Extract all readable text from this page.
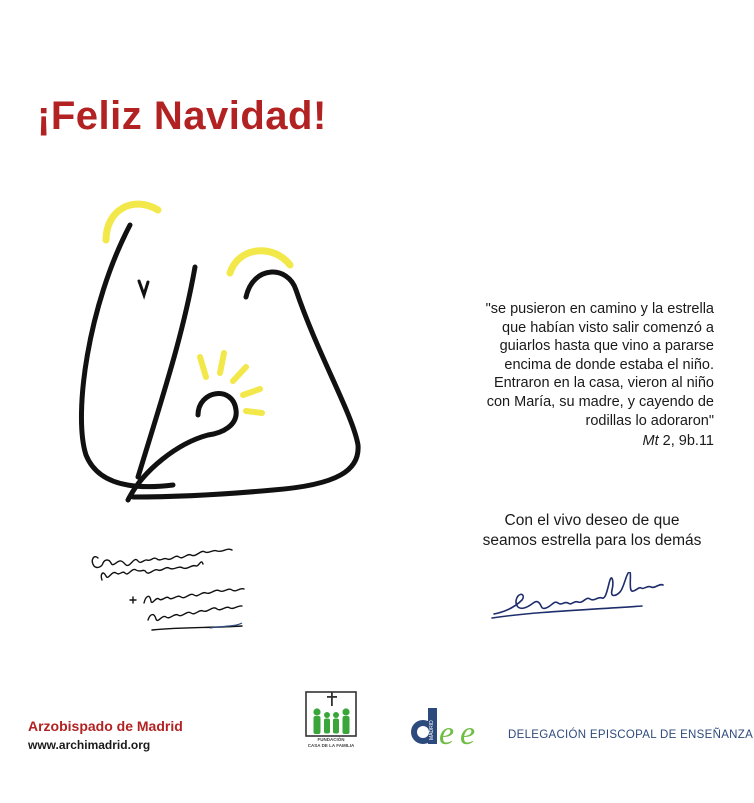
¡Feliz Navidad!

"se pusieron en camino y la estrella

que habían visto salir comenzó a

guiarlos hasta que vino a pararse

encima de donde estaba el niño.

Entraron en la casa, vieron al niño

con María, su madre, y cayendo de

rodillas lo adoraron"

Mt 2, 9b.11

Con el vivo deseo de que

seamos estrella para los demás

Arzobispado de Madrid
www.archimadrid.org	FUNDACIÓN
CASA DE LA FAMILIA
MADRID e e	DELEGACIÓN EPISCOPAL DE ENSEÑANZA
